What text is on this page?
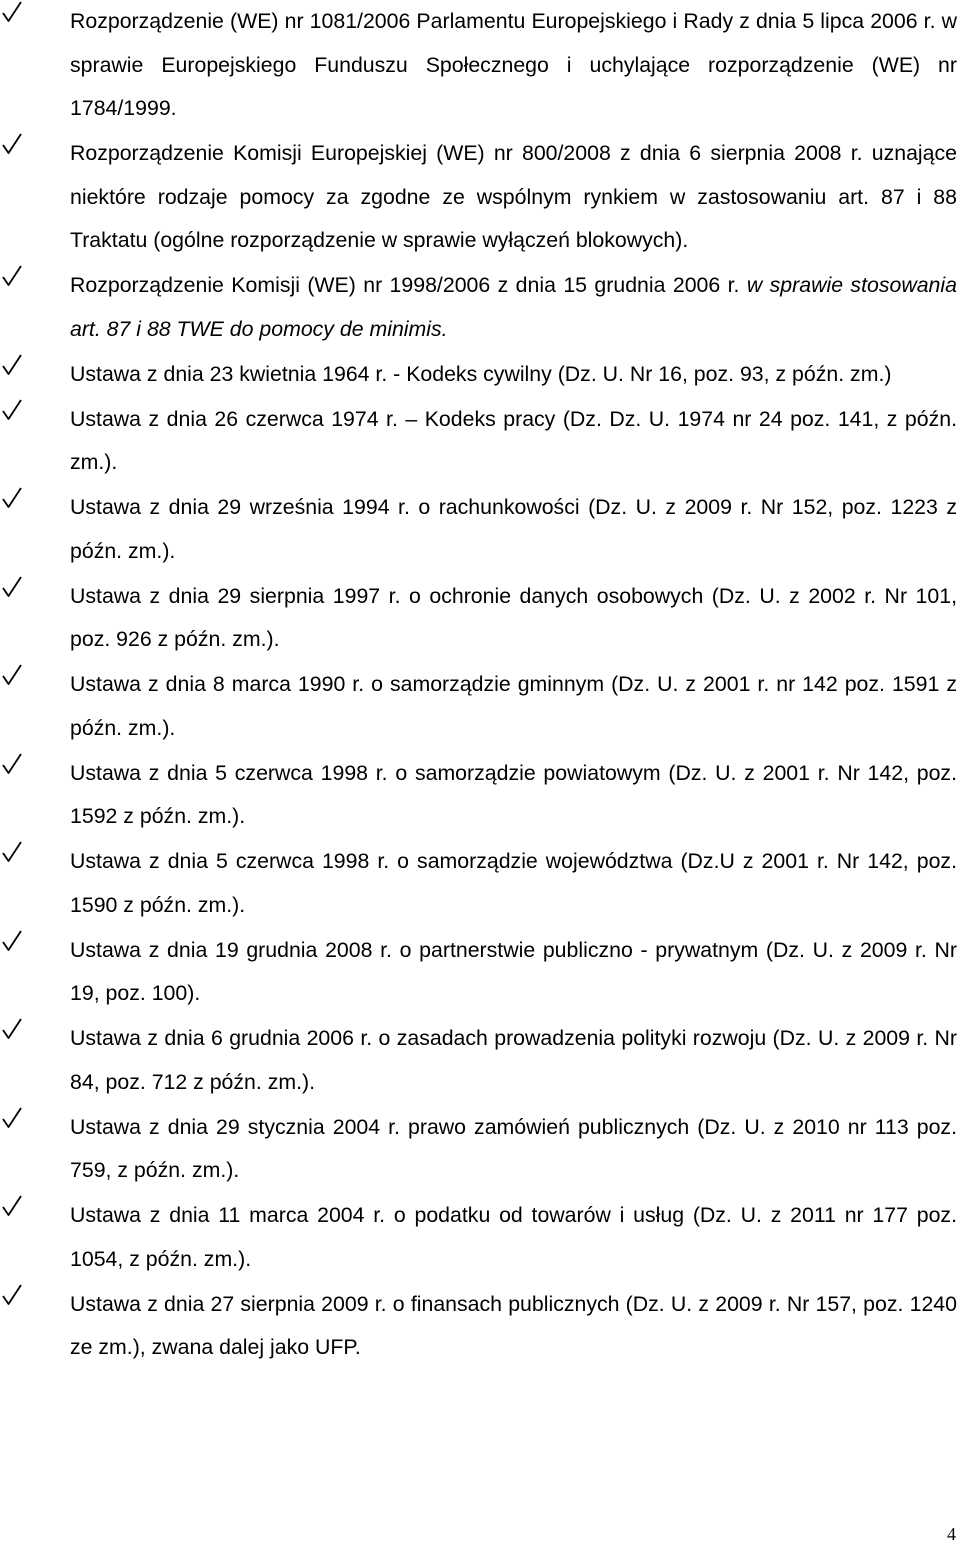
Rozporządzenie (WE) nr 1081/2006 Parlamentu Europejskiego i Rady z dnia 5 lipca 2006 r. w sprawie Europejskiego Funduszu Społecznego i uchylające rozporządzenie (WE) nr 1784/1999.
Rozporządzenie Komisji Europejskiej (WE) nr 800/2008 z dnia 6 sierpnia 2008 r. uznające niektóre rodzaje pomocy za zgodne ze wspólnym rynkiem w zastosowaniu art. 87 i 88 Traktatu (ogólne rozporządzenie w sprawie wyłączeń blokowych).
Rozporządzenie Komisji (WE) nr 1998/2006 z dnia 15 grudnia 2006 r. w sprawie stosowania art. 87 i 88 TWE do pomocy de minimis.
Ustawa z dnia 23 kwietnia 1964 r. - Kodeks cywilny (Dz. U. Nr 16, poz. 93, z późn. zm.)
Ustawa z dnia 26 czerwca 1974 r. – Kodeks pracy (Dz. Dz. U. 1974 nr 24 poz. 141, z późn. zm.).
Ustawa z dnia 29 września 1994 r. o rachunkowości (Dz. U. z 2009 r. Nr 152, poz. 1223 z późn. zm.).
Ustawa z dnia 29 sierpnia 1997 r. o ochronie danych osobowych (Dz. U. z 2002 r. Nr 101, poz. 926 z późn. zm.).
Ustawa z dnia 8 marca 1990 r. o samorządzie gminnym (Dz. U. z 2001 r. nr 142 poz. 1591 z późn. zm.).
Ustawa z dnia 5 czerwca 1998 r. o samorządzie powiatowym (Dz. U. z 2001 r. Nr 142, poz. 1592 z późn. zm.).
Ustawa z dnia 5 czerwca 1998 r. o samorządzie województwa (Dz.U z 2001 r. Nr 142, poz. 1590 z późn. zm.).
Ustawa z dnia 19 grudnia 2008 r. o partnerstwie publiczno - prywatnym (Dz. U. z 2009 r. Nr 19, poz. 100).
Ustawa z dnia 6 grudnia 2006 r. o zasadach prowadzenia polityki rozwoju (Dz. U. z 2009 r. Nr 84, poz. 712 z późn. zm.).
Ustawa z dnia 29 stycznia 2004 r. prawo zamówień publicznych (Dz. U. z 2010 nr 113 poz. 759, z późn. zm.).
Ustawa z dnia 11 marca 2004 r. o podatku od towarów i usług (Dz. U. z 2011 nr 177 poz. 1054, z późn. zm.).
Ustawa z dnia 27 sierpnia 2009 r. o finansach publicznych (Dz. U. z 2009 r. Nr 157, poz. 1240 ze zm.), zwana dalej jako UFP.
4
